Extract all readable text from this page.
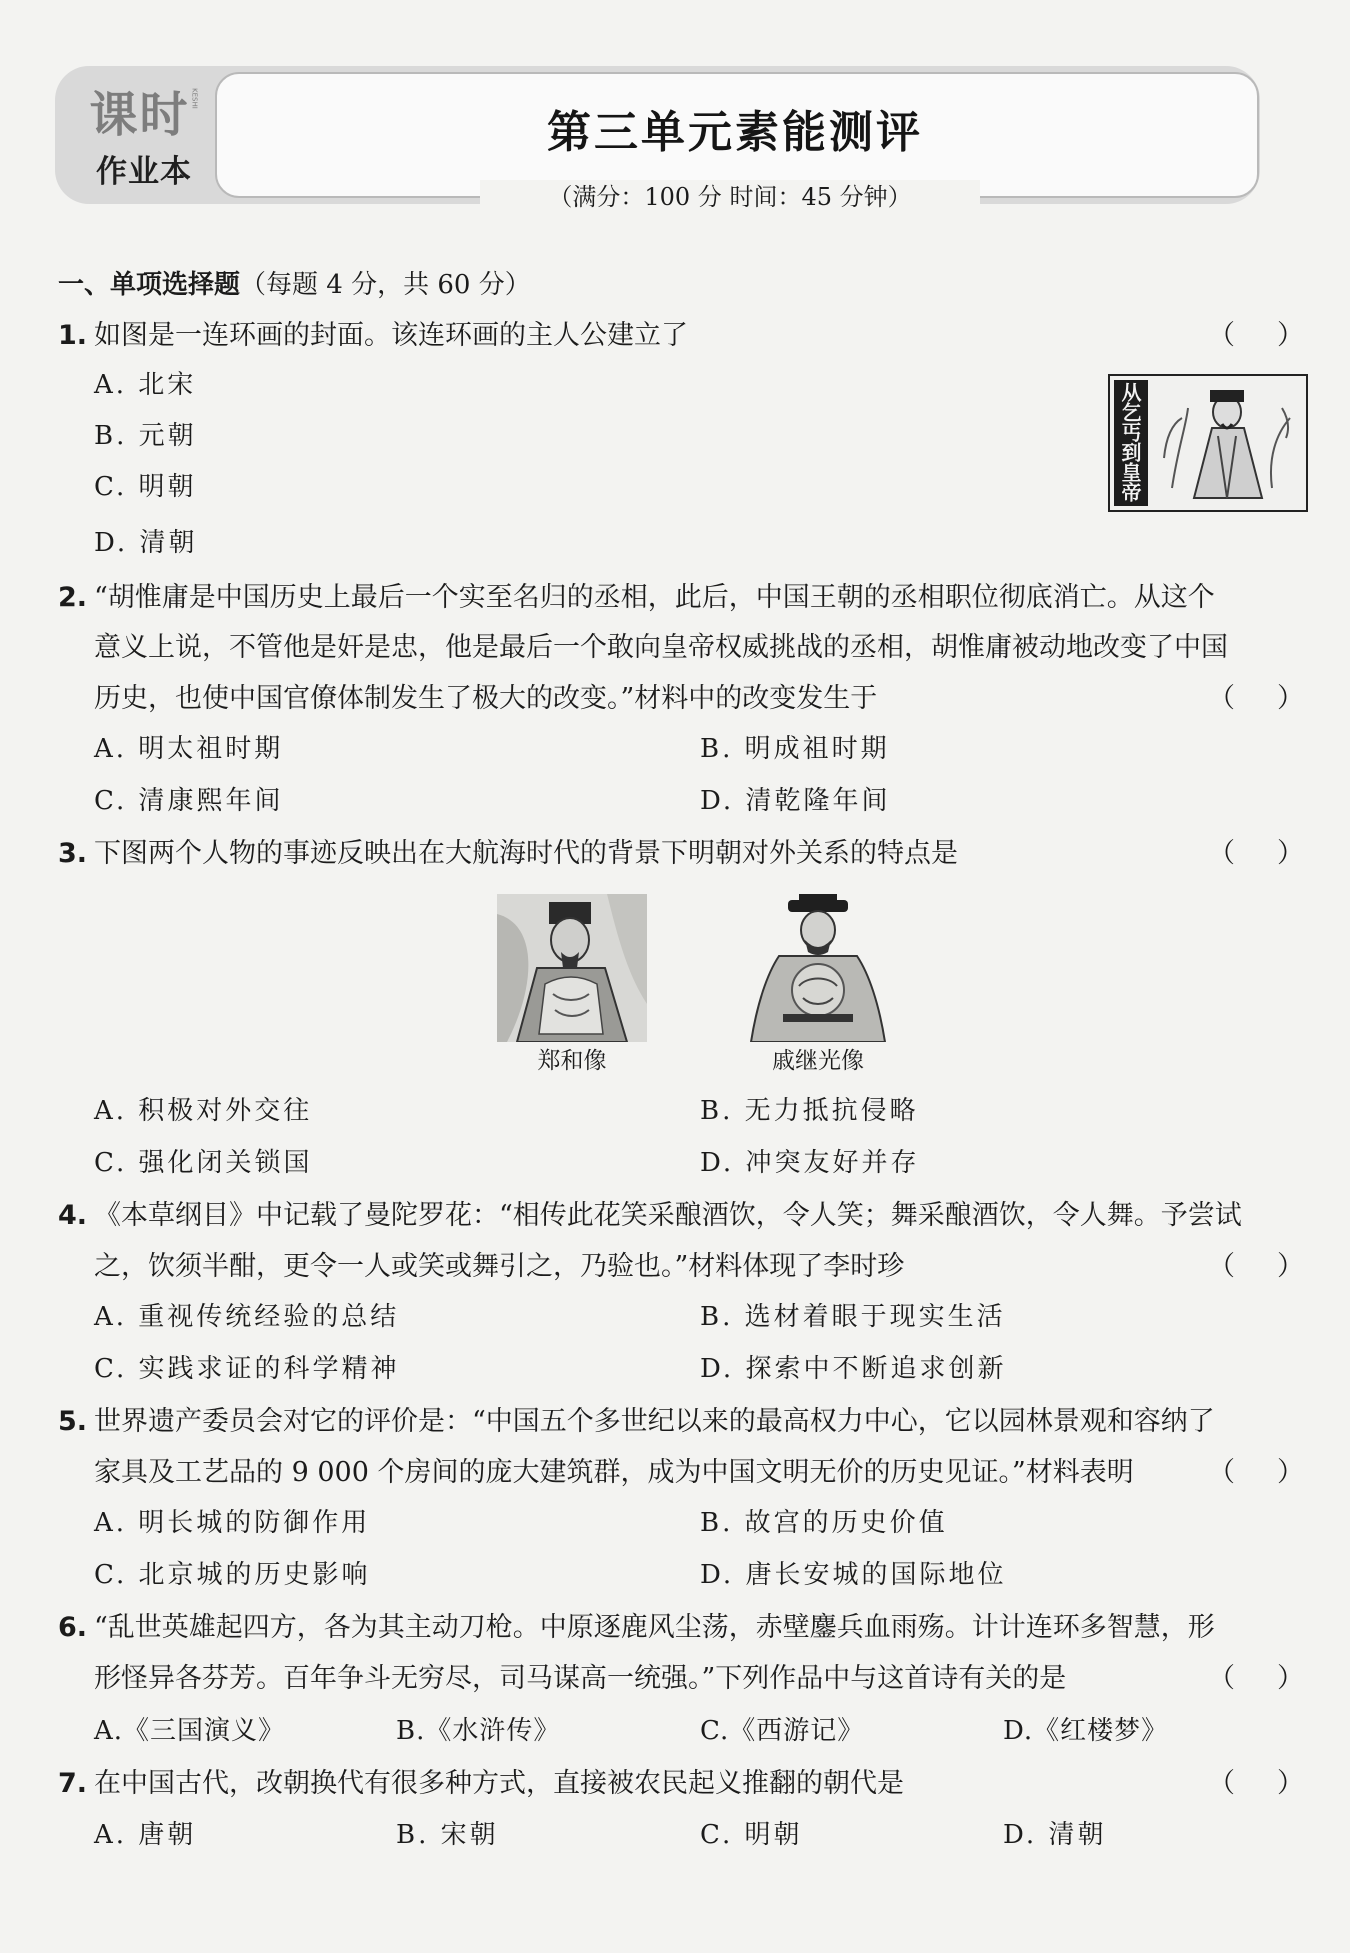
课时KESHI
作业本
第三单元素能测评
（满分：100 分 时间：45 分钟）
一、单项选择题（每题 4 分，共 60 分）
1. 如图是一连环画的封面。该连环画的主人公建立了	（ ）
A. 北宋
B. 元朝
C. 明朝
D. 清朝
从乞丐到皇帝
2. “胡惟庸是中国历史上最后一个实至名归的丞相，此后，中国王朝的丞相职位彻底消亡。从这个
意义上说，不管他是奸是忠，他是最后一个敢向皇帝权威挑战的丞相，胡惟庸被动地改变了中国
历史，也使中国官僚体制发生了极大的改变。”材料中的改变发生于	（ ）
A. 明太祖时期	B. 明成祖时期
C. 清康熙年间	D. 清乾隆年间
3. 下图两个人物的事迹反映出在大航海时代的背景下明朝对外关系的特点是	（ ）
郑和像	戚继光像
A. 积极对外交往	B. 无力抵抗侵略
C. 强化闭关锁国	D. 冲突友好并存
4. 《本草纲目》中记载了曼陀罗花：“相传此花笑采酿酒饮，令人笑；舞采酿酒饮，令人舞。予尝试
之，饮须半酣，更令一人或笑或舞引之，乃验也。”材料体现了李时珍	（ ）
A. 重视传统经验的总结	B. 选材着眼于现实生活
C. 实践求证的科学精神	D. 探索中不断追求创新
5. 世界遗产委员会对它的评价是：“中国五个多世纪以来的最高权力中心，它以园林景观和容纳了
家具及工艺品的 9 000 个房间的庞大建筑群，成为中国文明无价的历史见证。”材料表明	（ ）
A. 明长城的防御作用	B. 故宫的历史价值
C. 北京城的历史影响	D. 唐长安城的国际地位
6. “乱世英雄起四方，各为其主动刀枪。中原逐鹿风尘荡，赤壁鏖兵血雨殇。计计连环多智慧，形
形怪异各芬芳。百年争斗无穷尽，司马谋高一统强。”下列作品中与这首诗有关的是	（ ）
A.《三国演义》	B.《水浒传》	C.《西游记》	D.《红楼梦》
7. 在中国古代，改朝换代有很多种方式，直接被农民起义推翻的朝代是	（ ）
A. 唐朝	B. 宋朝	C. 明朝	D. 清朝
